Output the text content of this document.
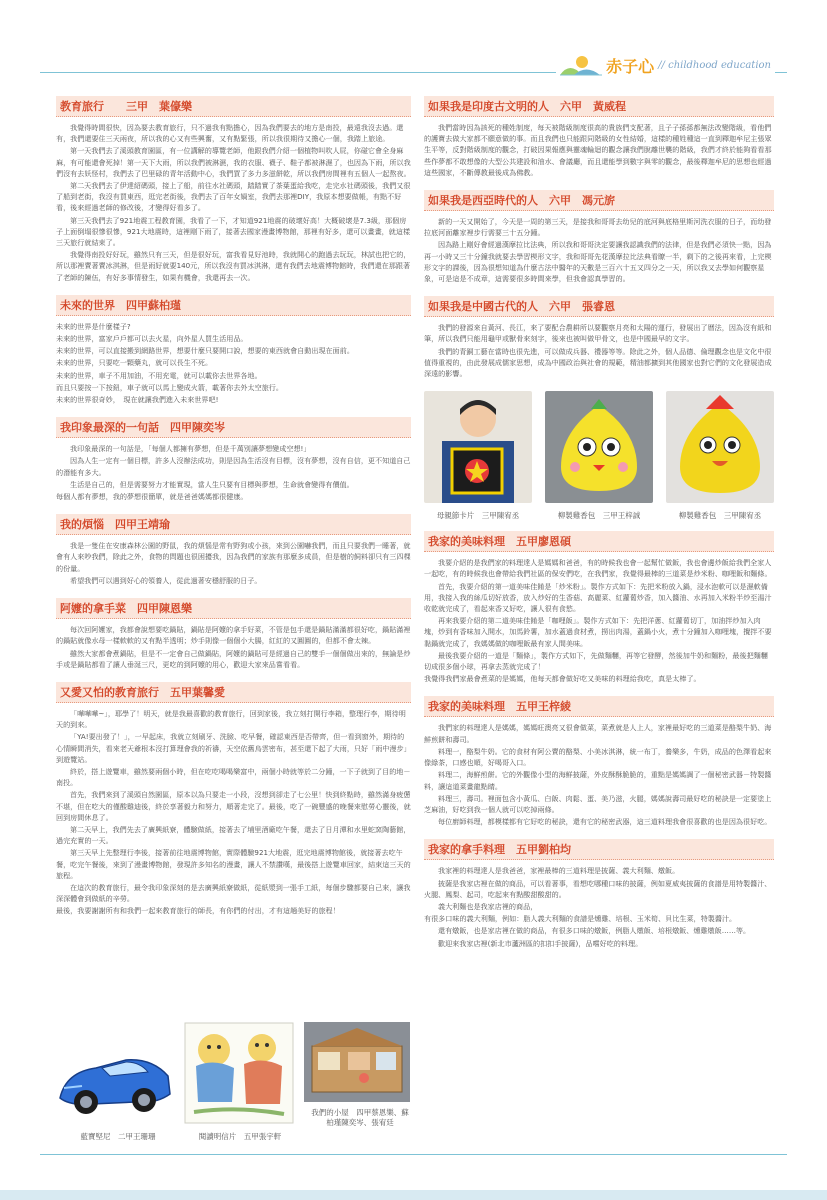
赤子心 // childhood education
教育旅行　　三甲　葉儫樂

我覺得時間很快，因為要去教育旅行，只不過我有點擔心，因為我們要去的地方是南投，最遠我沒去過。還有，我們還要住三天兩夜，所以我的心又有些興奮，又有點緊張，所以我很期待又擔心一個，我踏上旅途。

第一天我們去了溪頭教育園區，有一位講解的導覽老師，他跟我們介紹一個植物叫吹人屁，你碰它會全身麻麻，有可能還會死掉！第一天下大雨，所以我們被淋濕，我的衣服、襪子、鞋子都被淋濕了，也因為下雨，所以我們沒有去妖怪村，我們去了巴里碌的青年活動中心，我們買了多力多滋餅乾，所以我們房間裡有五個人一起熬夜。

第二天我們去了伊達紹碼頭，接上了船，前往水社碼頭，踏踏實了茶葉蛋給我吃，走完水社碼頭後，我們又很了船到老街，我沒有買東西，逛完老街後，我們去了百年女媧室，我們去那裡DIY，我原本想要做帳，有點不好看，後來經過老師的修改後，才變得好看多了。

第三天我們去了921地震工程教育園，我看了一下，才知道921地震的破壞好高！大概破壞是7.3級，那個房子上面倒塌很慘很慘，921大地震時，這裡剛下雨了，接著去國家漫畫博物館，那裡有好多，還可以畫畫，就這樣三天旅行就結束了。

我覺得南投好好玩，雖然只有三天，但是很好玩，富我看見好池時，我就開心的跑過去玩玩，林試也把它的，所以那裡賣著賣冰淇淋，但是雨好就要140元，所以我沒有買冰淇淋，還有我們去地震博物館時，我們還在那跟著了老師的陳伍，有好多事情發生，如果有機會，我還再去一次。

未來的世界　四甲蘇柏瑾

未來的世界是什麼樣子?

未來的世界，富家戶戶都可以去火星，向外星人買生活用品。

未來的世界，可以直接搬到網路世界，想要什麼只要開口說，想要的東西就會自動出現在面前。

未來的世界，只要吃一顆藥丸，就可以長生不死。

未來的世界，車子不用加油，不用充電，就可以載你去世界各地。

而且只要按一下按鈕，車子就可以馬上變成火箭，載著你去外太空旅行。

未來的世界很奇妙，　現在就讓我們進入未來世界吧!

我印象最深的一句話　四甲陳奕岑

我印象最深的一句話是，「每個人都擁有夢想，但是千萬別讓夢想變成空想!」

因為人生一定有一個目標，許多人沒辦法成功，則是因為生活沒有目標，沒有夢想，沒有自信，更不知道自己的潛能有多大。

生活是自己的，但是需要努力才能實現，當人生只要有目標與夢想，生命就會變得有價值。

每個人都有夢想，我的夢想很簡單，就是爸爸媽媽都很健康。

我的煩惱　四甲王靖瑜

我是一隻住在安康森林公園的野鼠，我的煩惱是常有野狗或小孩，來到公園嚇我們，而且只要我們一睡著，就會有人來吵我們，除此之外，食物的問題也很困擾我，因為我們的家族有那麼多成員，但是樹的飼料卻只有三四棵的份量。

希望我們可以遇到好心的領養人，從此過著安穩舒服的日子。

阿嬤的拿手菜　四甲陳恩樂

每次回阿嬤家，我都會說想要吃鍋貼，鍋貼是阿嬤的拿手好菜，不管是包手還是鍋貼滿滿都很好吃，鍋貼滿裡的鍋貼就像水母一樣軟軟的又有點半透明；炒手則像一個個小大腸，紅紅的又圓圓的，但都不會太辣。

雖然大家都會煮鍋貼，但是不一定會自己做鍋貼，阿嬤的鍋貼可是經過自己的雙手一個個做出來的，無論是炒手或是鍋貼都看了讓人垂涎三尺，更吃的到阿嬤的用心，歡迎大家來品嘗看看。

又愛又怕的教育旅行　五甲葉馨愛

「嘩嘩嘩~」，耶學了！明天，就是我最喜歡的教育旅行，回到家後，我立刻打開行李箱，整理行李，期待明天的到來。

「YA!要出發了！」，一早起床，我就立刻刷牙、洗臉、吃早餐，確認東西是否帶齊，但一看到窗外，期待的心情瞬間消失，看來老天爺根本沒打算理會我的祈禱，天空依舊烏雲密布，甚至還下起了大雨，只好「雨中漫步」到遊覽站。

終於，搭上遊覽車，雖然要兩個小時，但在吃吃喝喝樂富中，兩個小時就等於二分鐘，一下子就到了目的地－南投。

首先，我們來到了溪頭自然園區，原本以為只要走一小段，沒想到卻走了七公里！快到終點時，雖然滿身疲憊不堪，但在吃大的僅酸雞迪後，終於享著毅力和努力，順著走完了。最後，吃了一碗豐盛的晚餐來慰勞心靈後，就回到房間休息了。

第二天早上，我們先去了廣興紙寮，體驗做紙，接著去了埔里酒廠吃午餐，還去了日月潭和水里蛇窯陶藝館，過完充實的一天。

第三天早上先整理行李後，接著前往地震博物館，實際體驗921大地震，逛完地震博物館後，就接著去吃午餐，吃完午餐後，來到了漫畫博物館，發現許多知名的漫畫，讓人不禁讚嘆，最後搭上遊覽車回家，結束這三天的旅程。

在這次的教育旅行，最令我印象深刻的是去廣興紙寮做紙，從紙漿到一張手工紙，每個步驟都要自己來，讓我深深體會到做紙的辛勞。

最後，我要謝謝所有和我們一起來教育旅行的師長，有你們的付出，才有這趟美好的旅程！

藍寶堅尼　二甲王珊珊	閱讀明信片　五甲張宇軒
我們的小屋　四甲蔡恩樂、蘇柏瑾陳奕岑、張宥廷
如果我是印度古文明的人　六甲　黃威程

我們當時因為該死的種姓制度，每天被階級制度很高的貴族們支配著，且子子孫孫都無法改變階級，看他們的護寶去做大家都不願意做的事。而且我們也只能跟同階級的女性結婚，這樣的種姓種這一直到釋迦牟尼主張眾生平等，反對階級制度的觀念，打破因果報應與靈魂輪迴的觀念讓我們脫離世襲的階級，我們才終於能夠看看那些作夢都不敢想像的大型公共建設和油水、會議廳，而且還能學到數字與零的觀念，最後釋迦牟尼的思想也經過這些國家，不斷傳教最後成為佛教。

如果我是西亞時代的人　六甲　馮元旂

新的一天又開始了，今天是一周的第三天，是接我和哥哥去幼兒的底河與底格里斯河洗衣服的日子，而幼發拉底河面離家裡步行需要三十五分鐘。

因為路上剛好會經過漢摩拉比法典，所以我和哥哥決定要讓我認識我們的法律，但是我們必須快一點，因為再一小時又三十分鐘我就要去學習楔形文字，我和哥哥先花漢摩拉比法典看瞭一半，剩下的之後再來看，上完楔形文字的課後，因為很想知道為什麼古法中醫年的天數是三百六十五又四分之一天，所以我又去學如何觀察星象，可是這是不成章，這需要很多時間來學，但我會認真學習的。

如果我是中國古代的人　六甲　張睿恩

我們的發源來自黃河、長江，來了要配合農耕所以要觀察月亮和太陽的運行，發展出了曆法，因為沒有紙和筆，所以我們只能用龜甲或獸骨來刻字，後來也被叫做甲骨文，也是中國最早的文字。

我們的青銅工藝在當時也很先進，可以做成兵器、禮器等等。除此之外，個人品德、倫理觀念也是文化中很值得重視的，由此發展成儒家思想，成為中國政治與社會的規範，精油都擴到其他國家也對它們的文化發展造成深遠的影響。

母親節卡片　三甲陳宥丞	柳製雞香包　三甲王梓誠	柳製雞香包　三甲陳宥丞
我家的美味料理　五甲廖恩碩

我要介紹的是我們家的料理達人是媽媽和爸爸，有的時候我也會一起幫忙做飯，我也會邊炒飯給我們全家人一起吃，有的時候我也會帶給我們社區的保安們吃，在我們家，我覺得最棒的三道菜是炒米粉、咖哩飯和麵條。

首先，我要介紹的第一道美味佳餚是「炒米粉」。製作方式如下：先把米粉放入鍋，浸水泡軟可以是濕軟備用，我接入我的絲瓜切好放香，放入炒好的生香菇、高麗菜、紅蘿蔔炒香，加入醬油、水再加入米粉半炒至湯汁收乾就完成了，看起來香又好吃，讓人很有食慾。

再來我要介紹的第二道美味佳餚是「咖哩飯」。製作方式如下：先把洋蔥、紅蘿蔔切丁，加油拌炒加入肉塊，炒到有香味加入開水，加馬鈴薯，加水蓋過食材煮，撈出肉湯，蓋鍋小火，煮十分鐘加入咖哩塊，攪拌不要黏鍋就完成了，我媽媽做的咖哩飯最有家人間美味。

最後我要介紹的一道是「麵條」，製作方式如下，先做麵糰，再等它發酵，然後加牛奶和麵粉，最後把麵糰切成很多個小球，再拿去蒸就完成了！

我覺得我們家最會煮菜的是媽媽，他每天都會做好吃又美味的料理給我吃，真是太棒了。

我家的美味料理　五甲王梓綾

我們家的料理達人是媽媽，媽媽旺澳亮又很會做菜，菜煮就是人上人，家裡最好吃的三道菜是酪梨牛奶、海鮮煎餅和壽司。

料理一，酪梨牛奶。它的食材有阿公賣的酪梨、小美冰淇淋，統一布丁，養樂多，牛奶，成品的色澤看起來像綠茶，口感也順，好喝哥入口。

料理二，海鮮煎餅。它的外觀像小型的海鮮披薩，外皮酥酥脆脆的，重點是媽媽調了一個秘密武器－特製醬料，讓這道菜畫龍點睛。

料理三，壽司。裡面包含小黃瓜、白飯、肉鬆、蛋、美乃滋，火腿，媽媽說壽司最好吃的秘訣是一定要塗上芝麻油，好吃到我一個人就可以吃掉兩條。

每位廚師料理，都模樣都有它好吃的秘訣，還有它的秘密武器，這三道料理我會很喜歡的也是因為很好吃。

我家的拿手料理　五甲劉柏均

我家裡的料理達人是我爸爸，家裡最棒的三道料理是披薩、義大利麵、燉飯。

披薩是我家店裡在做的商品，可以看著事，看想吃哪種口味的披薩，例如夏威夷披薩的食譜是用特製醬汁、火腿、鳳梨、起司，吃起來有點酸甜酸甜的。

義大利麵也是我家店裡的商品，

有很多口味的義大利麵，例如：脂人義大利麵的食譜是燻雞、培根、玉米筍、貝比生菜，特製醬汁。

還有燉飯，也是家店裡在做的商品，有很多口味的燉飯，例脂人燉飯、培根燉飯、燻雞燉飯……等。

歡迎來我家店裡(新北市蘆洲區的扣扣手披薩)，品嚐好吃的料理。
